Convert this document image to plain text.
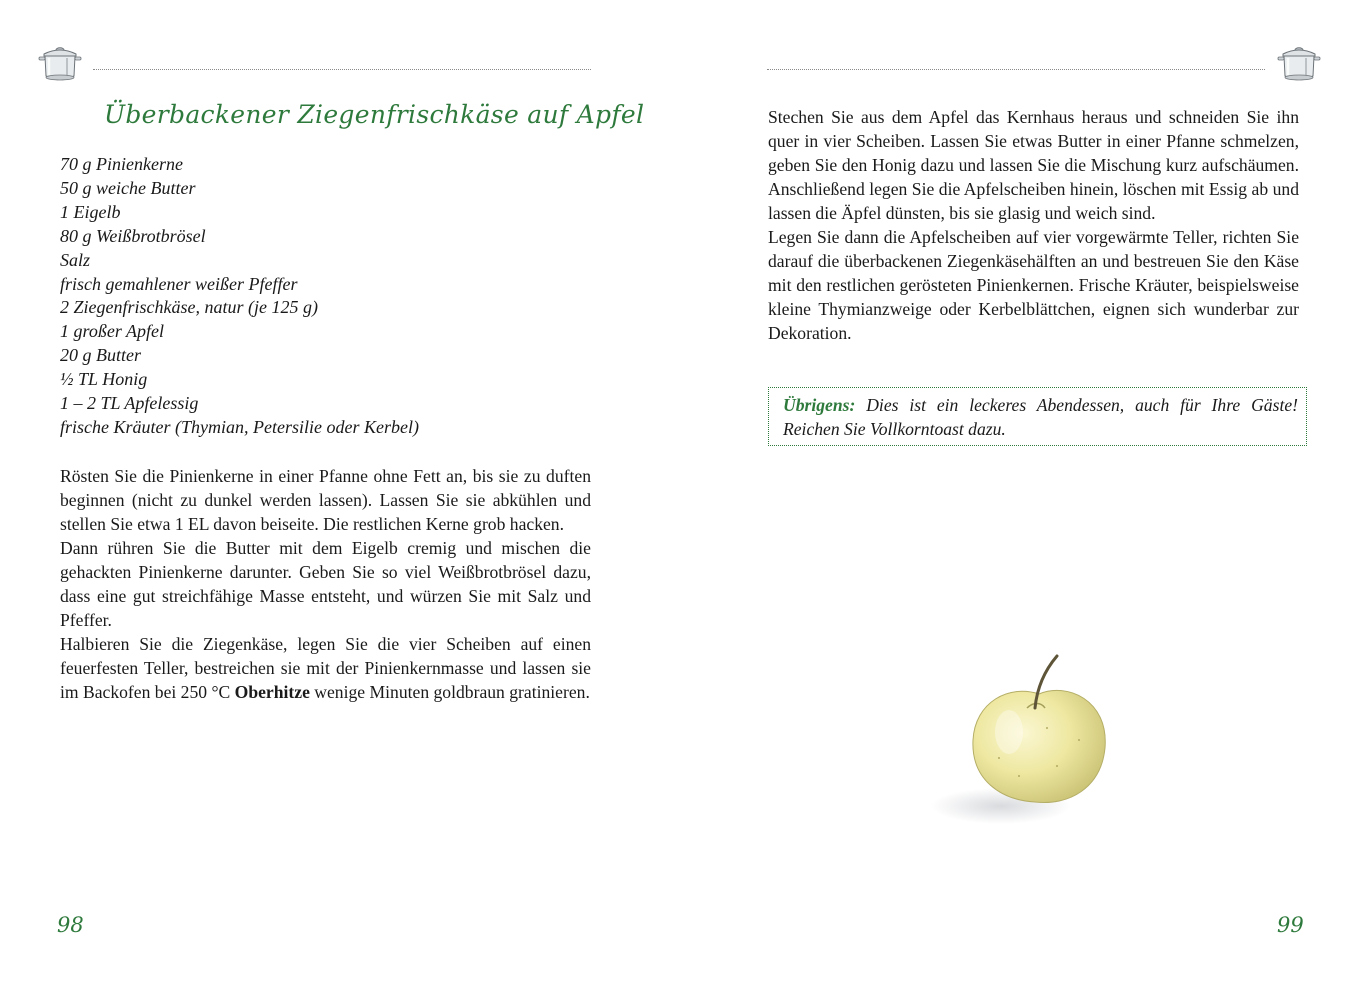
Überbackener Ziegenfrischkäse auf Apfel
70 g Pinienkerne
50 g weiche Butter
1 Eigelb
80 g Weißbrotbrösel
Salz
frisch gemahlener weißer Pfeffer
2 Ziegenfrischkäse, natur (je 125 g)
1 großer Apfel
20 g Butter
½ TL Honig
1 – 2 TL Apfelessig
frische Kräuter (Thymian, Petersilie oder Kerbel)

Rösten Sie die Pinienkerne in einer Pfanne ohne Fett an, bis sie zu duften beginnen (nicht zu dunkel werden lassen). Lassen Sie sie abkühlen und stellen Sie etwa 1 EL davon beiseite. Die restlichen Kerne grob hacken.

Dann rühren Sie die Butter mit dem Eigelb cremig und mischen die gehackten Pinienkerne darunter. Geben Sie so viel Weißbrotbrösel dazu, dass eine gut streichfähige Masse entsteht, und würzen Sie mit Salz und Pfeffer.

Halbieren Sie die Ziegenkäse, legen Sie die vier Scheiben auf einen feuerfesten Teller, bestreichen sie mit der Pinienkernmasse und lassen sie im Backofen bei 250 °C Oberhitze wenige Minuten goldbraun gratinieren.

98

Stechen Sie aus dem Apfel das Kernhaus heraus und schneiden Sie ihn quer in vier Scheiben. Lassen Sie etwas Butter in einer Pfanne schmelzen, geben Sie den Honig dazu und lassen Sie die Mischung kurz aufschäumen. Anschließend legen Sie die Apfelscheiben hinein, löschen mit Essig ab und lassen die Äpfel dünsten, bis sie glasig und weich sind.

Legen Sie dann die Apfelscheiben auf vier vorgewärmte Teller, richten Sie darauf die überbackenen Ziegenkäsehälften an und bestreuen Sie den Käse mit den restlichen gerösteten Pinienkernen. Frische Kräuter, beispielsweise kleine Thymianzweige oder Kerbelblättchen, eignen sich wunderbar zur Dekoration.

Übrigens: Dies ist ein leckeres Abendessen, auch für Ihre Gäste! Reichen Sie Vollkorntoast dazu.
99
